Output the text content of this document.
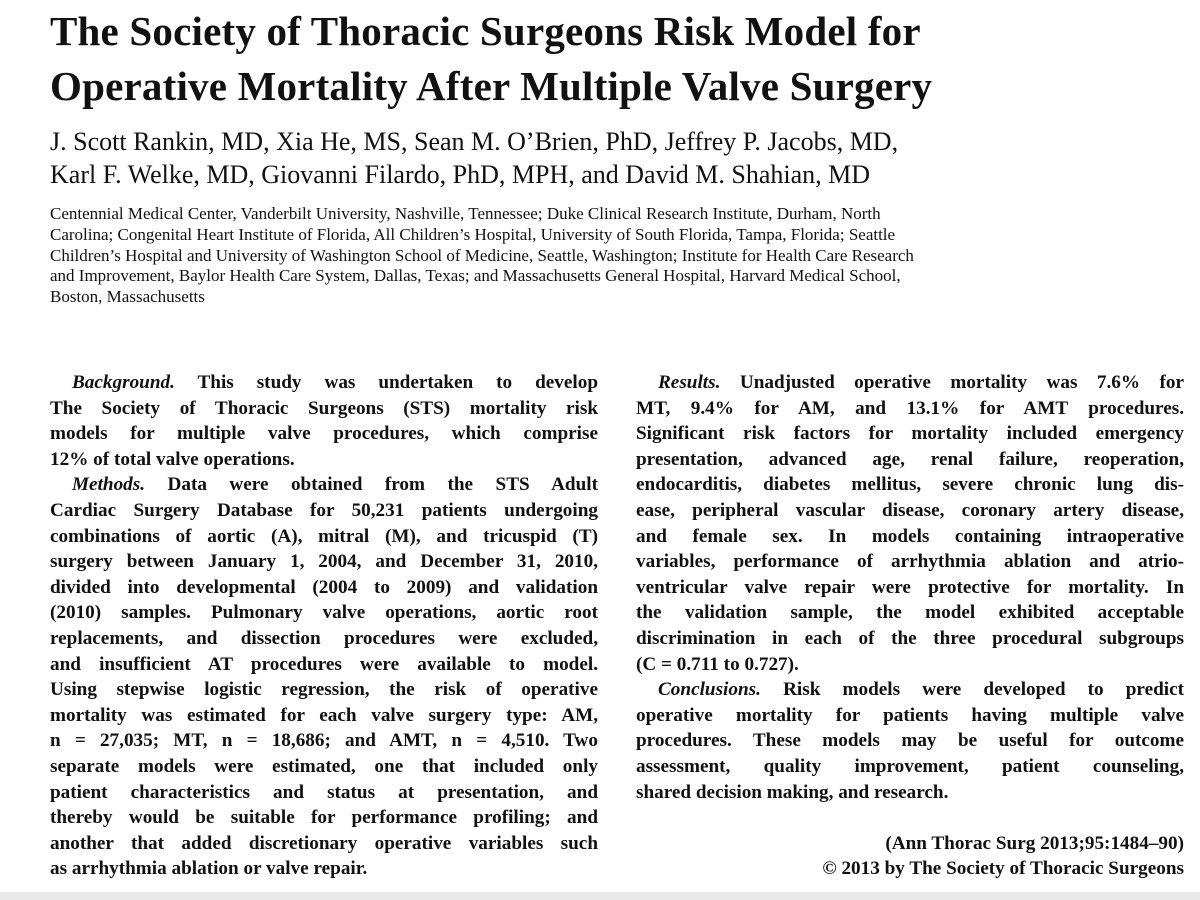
The Society of Thoracic Surgeons Risk Model for
Operative Mortality After Multiple Valve Surgery
J. Scott Rankin, MD, Xia He, MS, Sean M. O’Brien, PhD, Jeffrey P. Jacobs, MD,
Karl F. Welke, MD, Giovanni Filardo, PhD, MPH, and David M. Shahian, MD
Centennial Medical Center, Vanderbilt University, Nashville, Tennessee; Duke Clinical Research Institute, Durham, North
Carolina; Congenital Heart Institute of Florida, All Children’s Hospital, University of South Florida, Tampa, Florida; Seattle
Children’s Hospital and University of Washington School of Medicine, Seattle, Washington; Institute for Health Care Research
and Improvement, Baylor Health Care System, Dallas, Texas; and Massachusetts General Hospital, Harvard Medical School,
Boston, Massachusetts
Background. This study was undertaken to develop
The Society of Thoracic Surgeons (STS) mortality risk
models for multiple valve procedures, which comprise
12% of total valve operations.
Methods. Data were obtained from the STS Adult
Cardiac Surgery Database for 50,231 patients undergoing
combinations of aortic (A), mitral (M), and tricuspid (T)
surgery between January 1, 2004, and December 31, 2010,
divided into developmental (2004 to 2009) and validation
(2010) samples. Pulmonary valve operations, aortic root
replacements, and dissection procedures were excluded,
and insufficient AT procedures were available to model.
Using stepwise logistic regression, the risk of operative
mortality was estimated for each valve surgery type: AM,
n = 27,035; MT, n = 18,686; and AMT, n = 4,510. Two
separate models were estimated, one that included only
patient characteristics and status at presentation, and
thereby would be suitable for performance profiling; and
another that added discretionary operative variables such
as arrhythmia ablation or valve repair.
Results. Unadjusted operative mortality was 7.6% for
MT, 9.4% for AM, and 13.1% for AMT procedures.
Significant risk factors for mortality included emergency
presentation, advanced age, renal failure, reoperation,
endocarditis, diabetes mellitus, severe chronic lung dis-
ease, peripheral vascular disease, coronary artery disease,
and female sex. In models containing intraoperative
variables, performance of arrhythmia ablation and atrio-
ventricular valve repair were protective for mortality. In
the validation sample, the model exhibited acceptable
discrimination in each of the three procedural subgroups
(C = 0.711 to 0.727).
Conclusions. Risk models were developed to predict
operative mortality for patients having multiple valve
procedures. These models may be useful for outcome
assessment, quality improvement, patient counseling,
shared decision making, and research.
(Ann Thorac Surg 2013;95:1484–90)
© 2013 by The Society of Thoracic Surgeons
